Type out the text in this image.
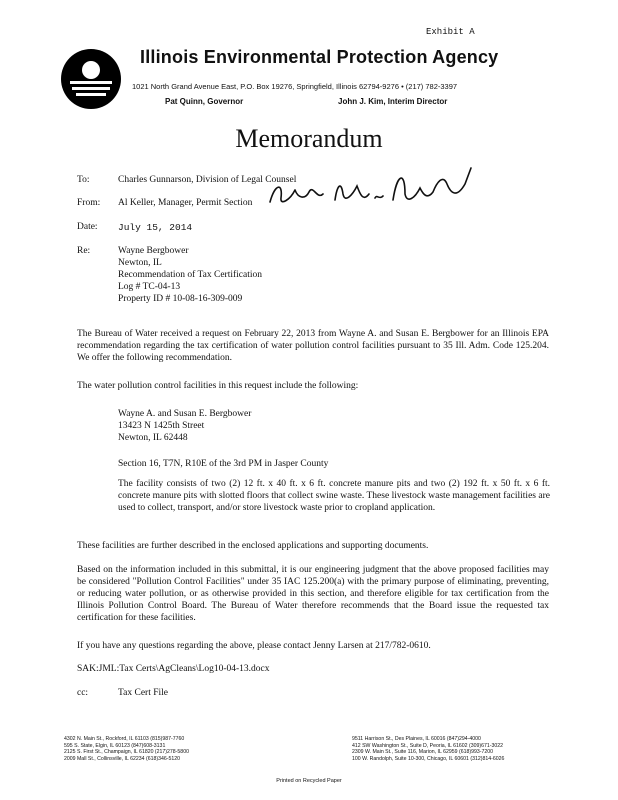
Exhibit A
Illinois Environmental Protection Agency
1021 North Grand Avenue East, P.O. Box 19276, Springfield, Illinois 62794-9276 • (217) 782-3397
Pat Quinn, Governor	John J. Kim, Interim Director
Memorandum
To:	Charles Gunnarson, Division of Legal Counsel
From: Al Keller, Manager, Permit Section
Date: July 15, 2014
Re:	Wayne Bergbower
Newton, IL
Recommendation of Tax Certification
Log # TC-04-13
Property ID # 10-08-16-309-009
The Bureau of Water received a request on February 22, 2013 from Wayne A. and Susan E. Bergbower for an Illinois EPA recommendation regarding the tax certification of water pollution control facilities pursuant to 35 Ill. Adm. Code 125.204. We offer the following recommendation.
The water pollution control facilities in this request include the following:
Wayne A. and Susan E. Bergbower
13423 N 1425th Street
Newton, IL 62448
Section 16, T7N, R10E of the 3rd PM in Jasper County
The facility consists of two (2) 12 ft. x 40 ft. x 6 ft. concrete manure pits and two (2) 192 ft. x 50 ft. x 6 ft. concrete manure pits with slotted floors that collect swine waste. These livestock waste management facilities are used to collect, transport, and/or store livestock waste prior to cropland application.
These facilities are further described in the enclosed applications and supporting documents.
Based on the information included in this submittal, it is our engineering judgment that the above proposed facilities may be considered "Pollution Control Facilities" under 35 IAC 125.200(a) with the primary purpose of eliminating, preventing, or reducing water pollution, or as otherwise provided in this section, and therefore eligible for tax certification from the Illinois Pollution Control Board. The Bureau of Water therefore recommends that the Board issue the requested tax certification for these facilities.
If you have any questions regarding the above, please contact Jenny Larsen at 217/782-0610.
SAK:JML:Tax Certs\AgCleans\Log10-04-13.docx
cc:	Tax Cert File
4302 N. Main St., Rockford, IL 61103 (815)987-7760
595 S. State, Elgin, IL 60123 (847)608-3131
2125 S. First St., Champaign, IL 61820 (217)278-5800
2009 Mall St., Collinsville, IL 62234 (618)346-5120
9511 Harrison St., Des Plaines, IL 60016 (847)294-4000
412 SW Washington St., Suite D, Peoria, IL 61602 (309)671-3022
2309 W. Main St., Suite 116, Marion, IL 62959 (618)993-7200
100 W. Randolph, Suite 10-300, Chicago, IL 60601 (312)814-6026
Printed on Recycled Paper
